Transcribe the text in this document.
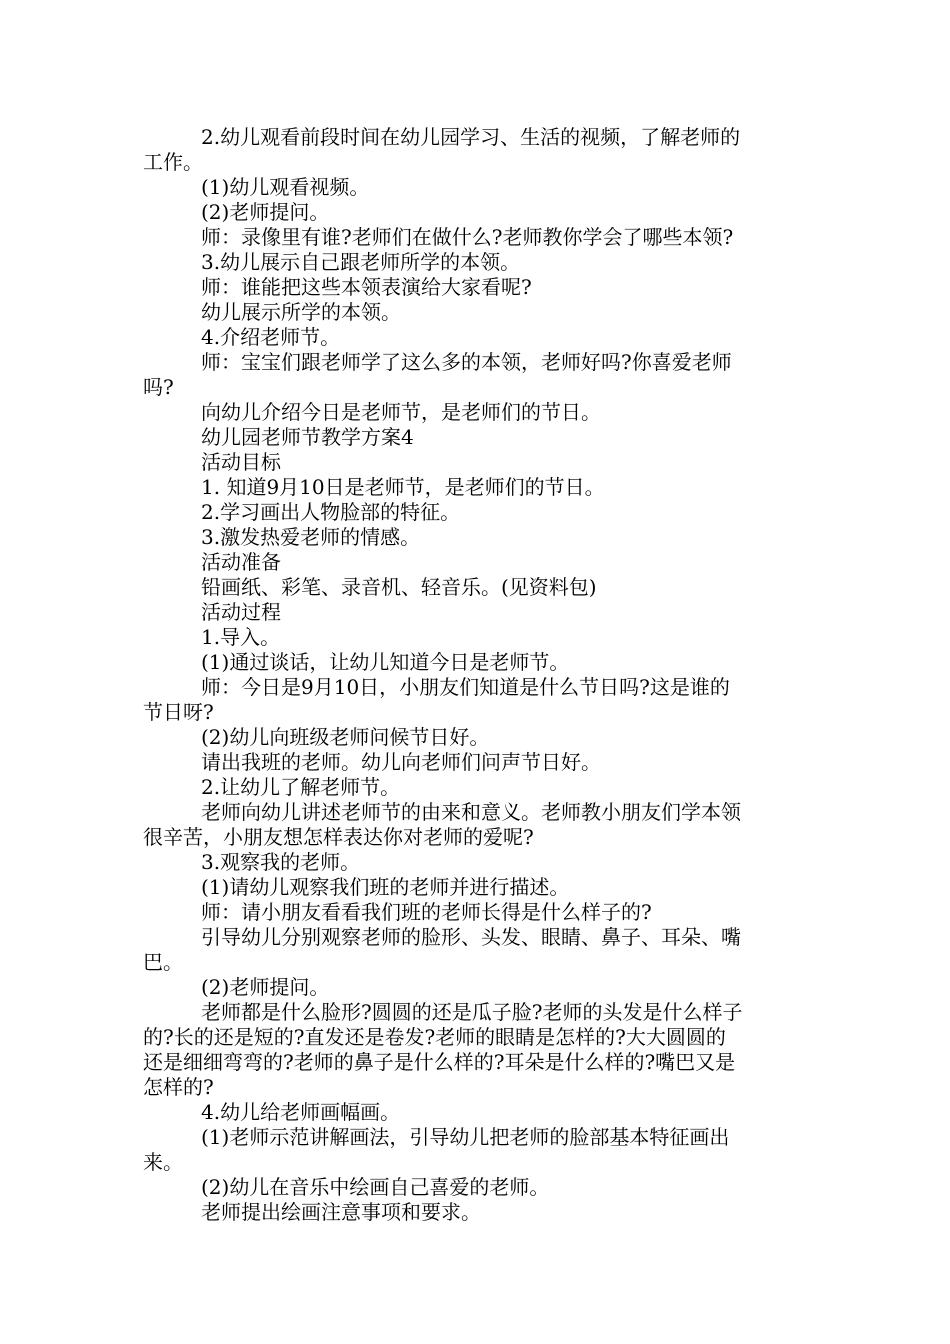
2.幼儿观看前段时间在幼儿园学习、生活的视频，了解老师的
工作。
(1)幼儿观看视频。
(2)老师提问。
师：录像里有谁?老师们在做什么?老师教你学会了哪些本领?
3.幼儿展示自己跟老师所学的本领。
师：谁能把这些本领表演给大家看呢?
幼儿展示所学的本领。
4.介绍老师节。
师：宝宝们跟老师学了这么多的本领，老师好吗?你喜爱老师
吗?
向幼儿介绍今日是老师节，是老师们的节日。
幼儿园老师节教学方案4
活动目标
1. 知道9月10日是老师节，是老师们的节日。
2.学习画出人物脸部的特征。
3.激发热爱老师的情感。
活动准备
铅画纸、彩笔、录音机、轻音乐。(见资料包)
活动过程
1.导入。
(1)通过谈话，让幼儿知道今日是老师节。
师：今日是9月10日，小朋友们知道是什么节日吗?这是谁的
节日呀?
(2)幼儿向班级老师问候节日好。
请出我班的老师。幼儿向老师们问声节日好。
2.让幼儿了解老师节。
老师向幼儿讲述老师节的由来和意义。老师教小朋友们学本领
很辛苦，小朋友想怎样表达你对老师的爱呢?
3.观察我的老师。
(1)请幼儿观察我们班的老师并进行描述。
师：请小朋友看看我们班的老师长得是什么样子的?
引导幼儿分别观察老师的脸形、头发、眼睛、鼻子、耳朵、嘴
巴。
(2)老师提问。
老师都是什么脸形?圆圆的还是瓜子脸?老师的头发是什么样子
的?长的还是短的?直发还是卷发?老师的眼睛是怎样的?大大圆圆的
还是细细弯弯的?老师的鼻子是什么样的?耳朵是什么样的?嘴巴又是
怎样的?
4.幼儿给老师画幅画。
(1)老师示范讲解画法，引导幼儿把老师的脸部基本特征画出
来。
(2)幼儿在音乐中绘画自己喜爱的老师。
老师提出绘画注意事项和要求。
